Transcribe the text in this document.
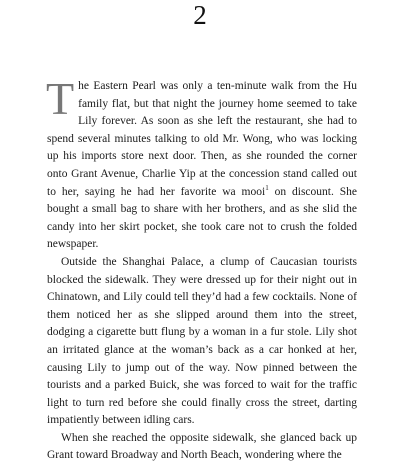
2

The Eastern Pearl was only a ten-minute walk from the Hu family flat, but that night the journey home seemed to take Lily forever. As soon as she left the restaurant, she had to spend several minutes talking to old Mr. Wong, who was locking up his imports store next door. Then, as she rounded the corner onto Grant Avenue, Charlie Yip at the concession stand called out to her, saying he had her favorite wa mooi$^1$ on discount. She bought a small bag to share with her brothers, and as she slid the candy into her skirt pocket, she took care not to crush the folded newspaper.

Outside the Shanghai Palace, a clump of Caucasian tourists blocked the sidewalk. They were dressed up for their night out in Chinatown, and Lily could tell they’d had a few cocktails. None of them noticed her as she slipped around them into the street, dodging a cigarette butt flung by a woman in a fur stole. Lily shot an irritated glance at the woman’s back as a car honked at her, causing Lily to jump out of the way. Now pinned between the tourists and a parked Buick, she was forced to wait for the traffic light to turn red before she could finally cross the street, darting impatiently between idling cars.

When she reached the opposite sidewalk, she glanced back up Grant toward Broadway and North Beach, wondering where the
